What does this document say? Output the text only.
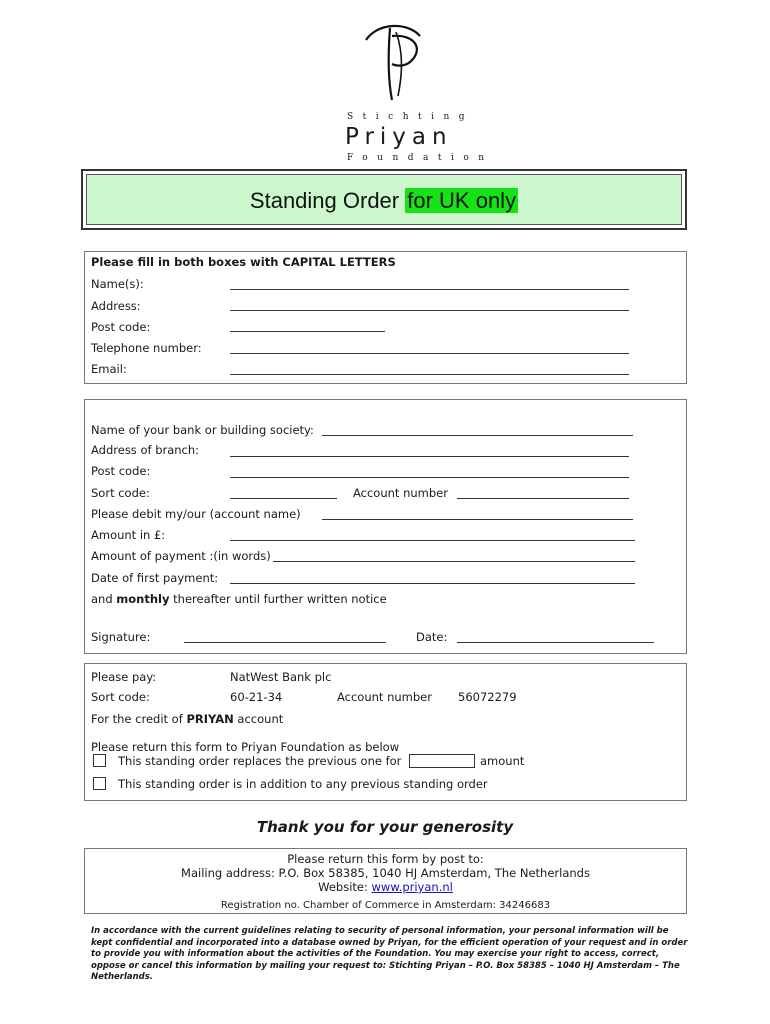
Stichting
Priyan
Foundation
Standing Order for UK only
Please fill in both boxes with CAPITAL LETTERS
Name(s):
Address:
Post code:
Telephone number:
Email:
Name of your bank or building society:
Address of branch:
Post code:
Sort code:	Account number
Please debit my/our (account name)
Amount in £:
Amount of payment :(in words)
Date of first payment:
and monthly thereafter until further written notice
Signature:	Date:
Please pay:	NatWest Bank plc
Sort code:	60-21-34	Account number 56072279
For the credit of PRIYAN account
Please return this form to Priyan Foundation as below
This standing order replaces the previous one for	amount
This standing order is in addition to any previous standing order
Thank you for your generosity
Please return this form by post to:
Mailing address: P.O. Box 58385, 1040 HJ Amsterdam, The Netherlands
Website: www.priyan.nl
Registration no. Chamber of Commerce in Amsterdam: 34246683
In accordance with the current guidelines relating to security of personal information, your personal information will be kept confidential and incorporated into a database owned by Priyan, for the efficient operation of your request and in order to provide you with information about the activities of the Foundation. You may exercise your right to access, correct, oppose or cancel this information by mailing your request to: Stichting Priyan – P.O. Box 58385 – 1040 HJ Amsterdam – The Netherlands.
